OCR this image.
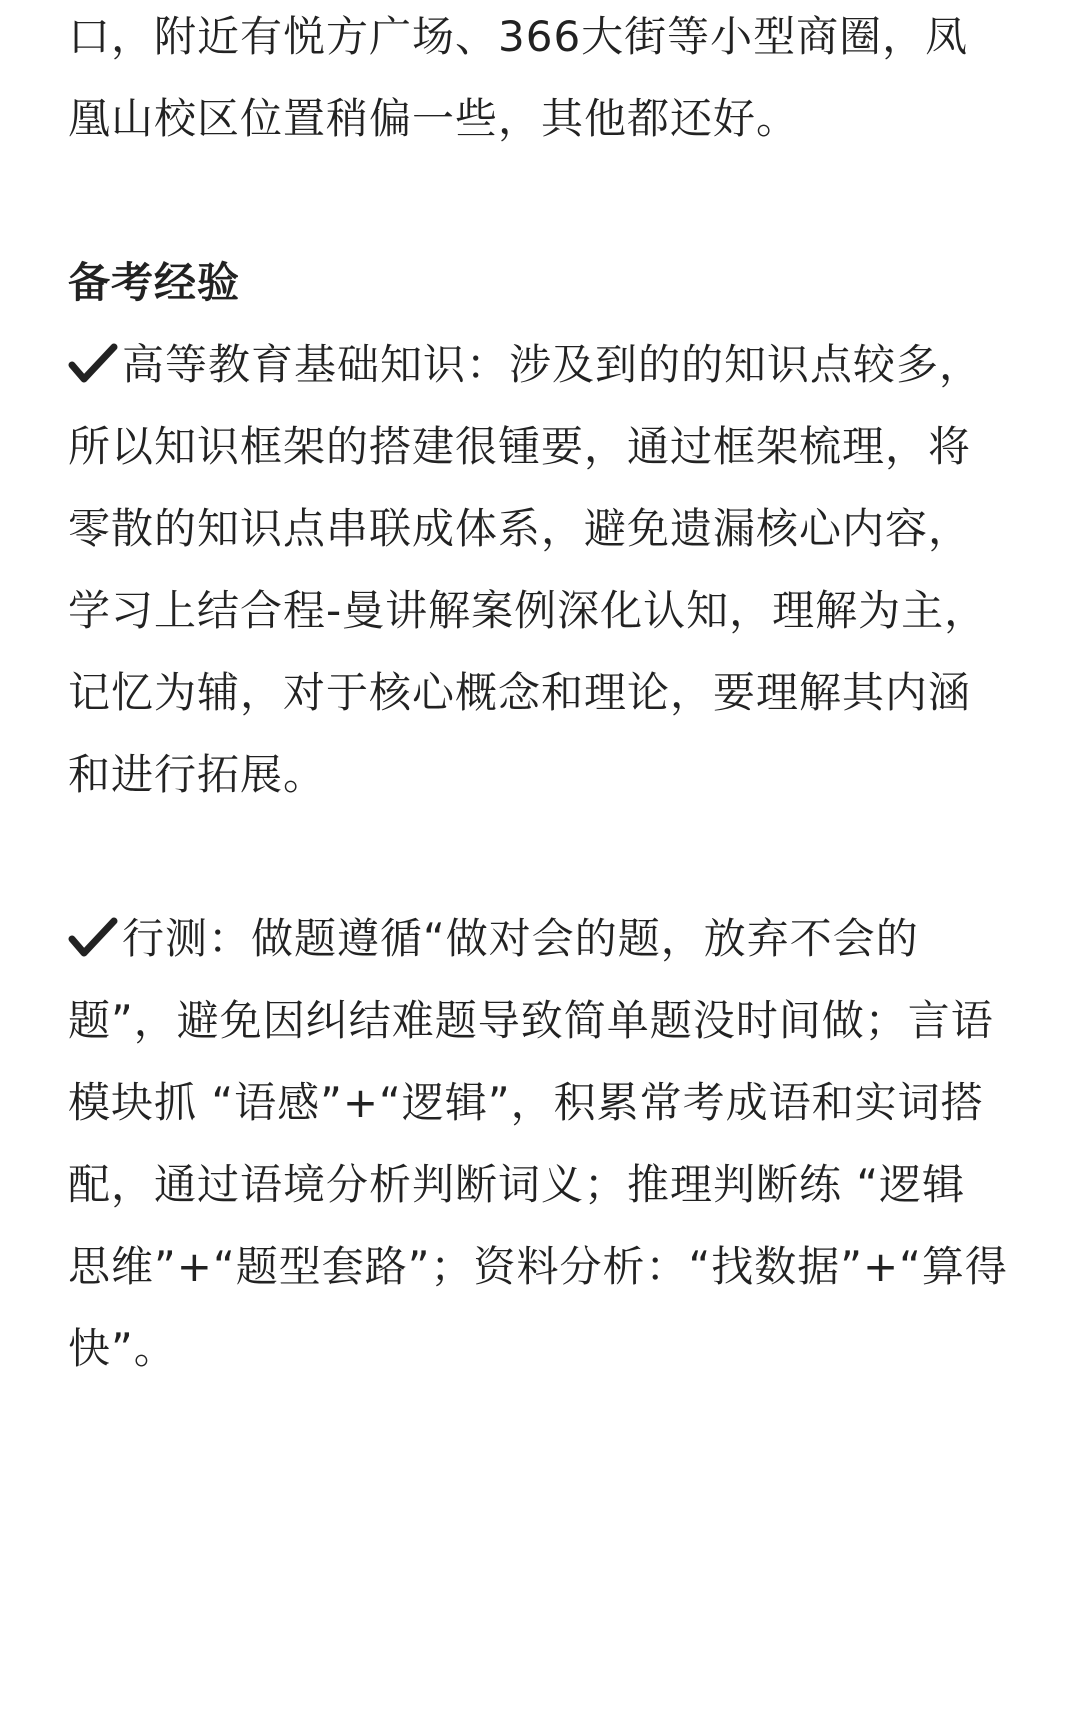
口，附近有悦方广场、366大街等小型商圈，凤凰山校区位置稍偏一些，其他都还好。

备考经验

高等教育基础知识：涉及到的的知识点较多，所以知识框架的搭建很锺要，通过框架梳理，将零散的知识点串联成体系，避免遗漏核心内容，学习上结合程-曼讲解案例深化认知，理解为主，记忆为辅，对于核心概念和理论，要理解其内涵和进行拓展。

行测：做题遵循“做对会的题，放弃不会的题”，避免因纠结难题导致简单题没时间做；言语模块抓 “语感”+“逻辑”，积累常考成语和实词搭配，通过语境分析判断词义；推理判断练 “逻辑思维”+“题型套路”；资料分析：“找数据”+“算得快”。
